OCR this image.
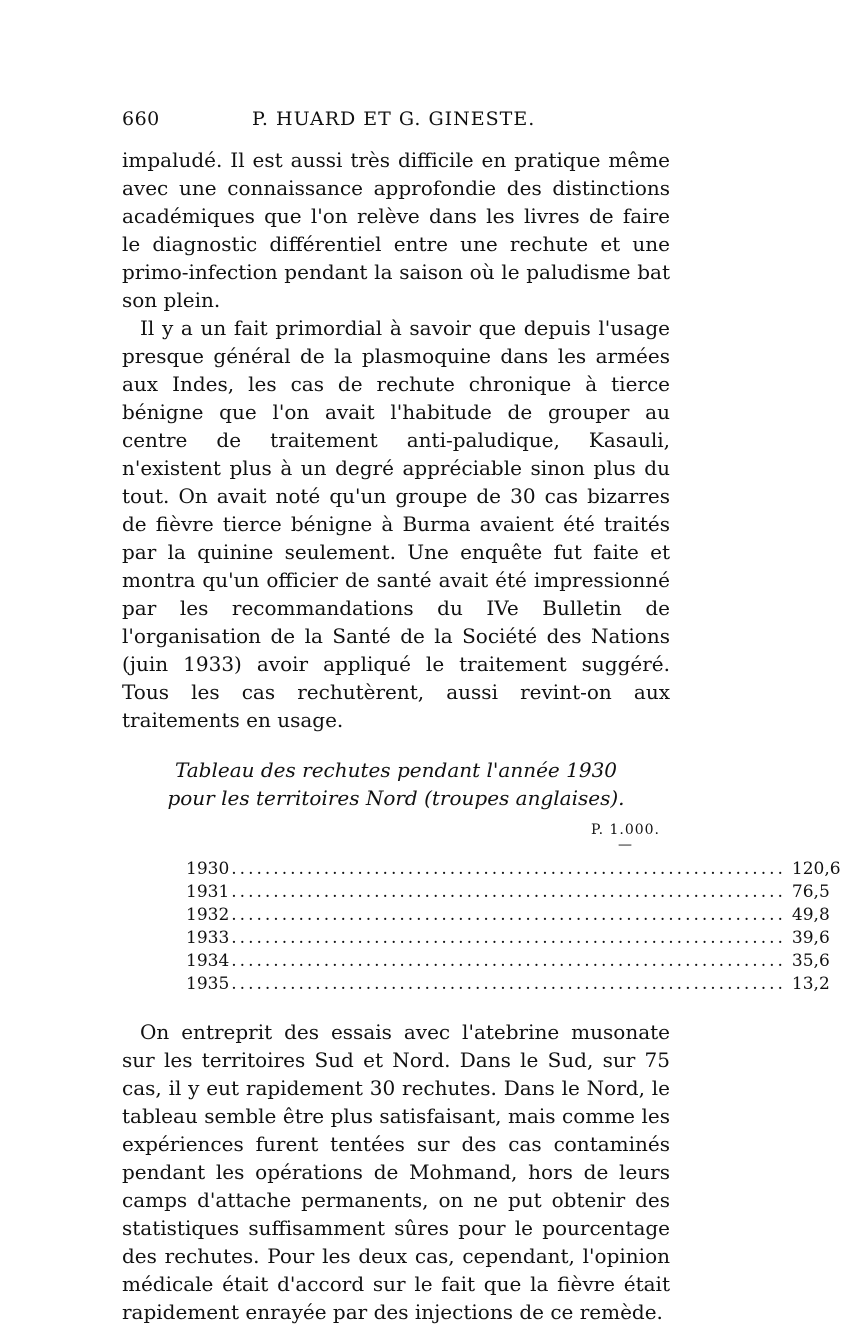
660	P. HUARD ET G. GINESTE.

impaludé. Il est aussi très difficile en pratique même avec une connaissance approfondie des distinctions académiques que l'on relève dans les livres de faire le diagnostic différentiel entre une rechute et une primo-infection pendant la saison où le paludisme bat son plein.

Il y a un fait primordial à savoir que depuis l'usage presque général de la plasmoquine dans les armées aux Indes, les cas de rechute chronique à tierce bénigne que l'on avait l'habitude de grouper au centre de traitement anti-paludique, Kasauli, n'existent plus à un degré appréciable sinon plus du tout. On avait noté qu'un groupe de 30 cas bizarres de fièvre tierce bénigne à Burma avaient été traités par la quinine seulement. Une enquête fut faite et montra qu'un officier de santé avait été impressionné par les recommandations du IVe Bulletin de l'organisation de la Santé de la Société des Nations (juin 1933) avoir appliqué le traitement suggéré. Tous les cas rechutèrent, aussi revint-on aux traitements en usage.

Tableau des rechutes pendant l'année 1930
pour les territoires Nord (troupes anglaises).
P. 1.000.
—
1930 .................................................................. 120,6
1931 .................................................................. 76,5
1932 .................................................................. 49,8
1933 .................................................................. 39,6
1934 .................................................................. 35,6
1935 .................................................................. 13,2

On entreprit des essais avec l'atebrine musonate sur les territoires Sud et Nord. Dans le Sud, sur 75 cas, il y eut rapidement 30 rechutes. Dans le Nord, le tableau semble être plus satisfaisant, mais comme les expériences furent tentées sur des cas contaminés pendant les opérations de Mohmand, hors de leurs camps d'attache permanents, on ne put obtenir des statistiques suffisamment sûres pour le pourcentage des rechutes. Pour les deux cas, cependant, l'opinion médicale était d'accord sur le fait que la fièvre était rapidement enrayée par des injections de ce remède.
